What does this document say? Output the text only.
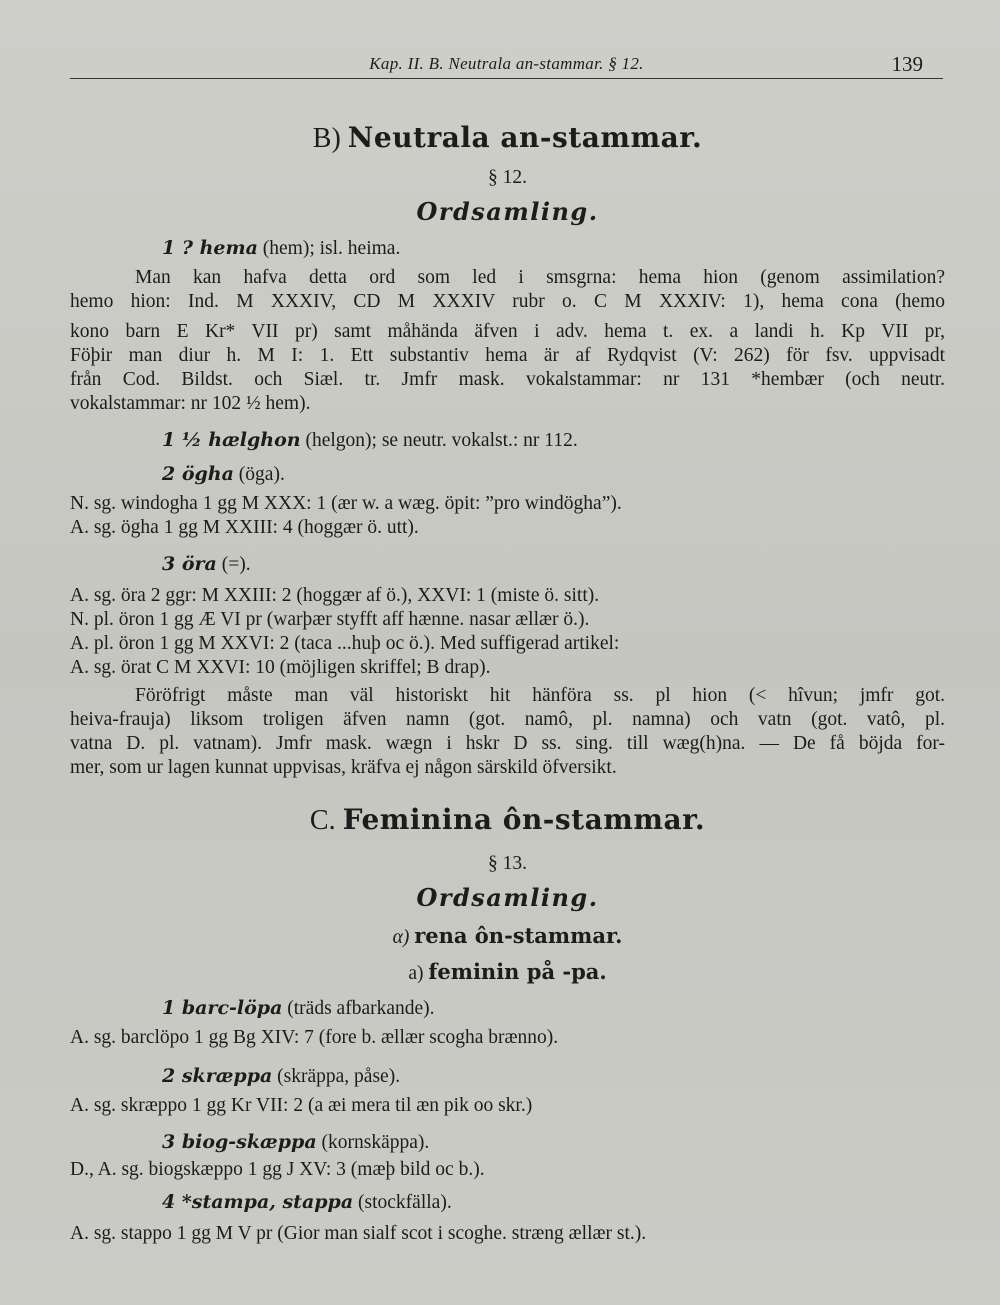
Kap. II. B. Neutrala an-stammar. § 12.	139
B) Neutrala an-stammar.
§ 12.
Ordsamling.
1 ? hema (hem); isl. heima.
Man kan hafva detta ord som led i smsgrna: hema hion (genom assimilation?
hemo hion: Ind. M XXXIV, CD M XXXIV rubr o. C M XXXIV: 1), hema cona (hemo
kono barn E Kr* VII pr) samt måhända äfven i adv. hema t. ex. a landi h. Kp VII pr,
Föþir man diur h. M I: 1. Ett substantiv hema är af Rydqvist (V: 262) för fsv. uppvisadt
från Cod. Bildst. och Siæl. tr. Jmfr mask. vokalstammar: nr 131 *hembær (och neutr.
vokalstammar: nr 102 ½ hem).
1 ½ hælghon (helgon); se neutr. vokalst.: nr 112.
2 ögha (öga).
N. sg. windogha 1 gg M XXX: 1 (ær w. a wæg. öpit: ”pro windögha”).
A. sg. ögha 1 gg M XXIII: 4 (hoggær ö. utt).
3 öra (=).
A. sg. öra 2 ggr: M XXIII: 2 (hoggær af ö.), XXVI: 1 (miste ö. sitt).
N. pl. öron 1 gg Æ VI pr (warþær styfft aff hænne. nasar ællær ö.).
A. pl. öron 1 gg M XXVI: 2 (taca ...huþ oc ö.). Med suffigerad artikel:
A. sg. örat C M XXVI: 10 (möjligen skriffel; B drap).
Föröfrigt måste man väl historiskt hit hänföra ss. pl hion (< hîvun; jmfr got.
heiva-frauja) liksom troligen äfven namn (got. namô, pl. namna) och vatn (got. vatô, pl.
vatna D. pl. vatnam). Jmfr mask. wægn i hskr D ss. sing. till wæg(h)na. — De få böjda for-
mer, som ur lagen kunnat uppvisas, kräfva ej någon särskild öfversikt.
C. Feminina ôn-stammar.
§ 13.
Ordsamling.
α) rena ôn-stammar.
a) feminin på -pa.
1 barc-löpa (träds afbarkande).
A. sg. barclöpo 1 gg Bg XIV: 7 (fore b. ællær scogha brænno).
2 skræppa (skräppa, påse).
A. sg. skræppo 1 gg Kr VII: 2 (a æi mera til æn pik oo skr.)
3 biog-skæppa (kornskäppa).
D., A. sg. biogskæppo 1 gg J XV: 3 (mæþ bild oc b.).
4 *stampa, stappa (stockfälla).
A. sg. stappo 1 gg M V pr (Gior man sialf scot i scoghe. stræng ællær st.).
